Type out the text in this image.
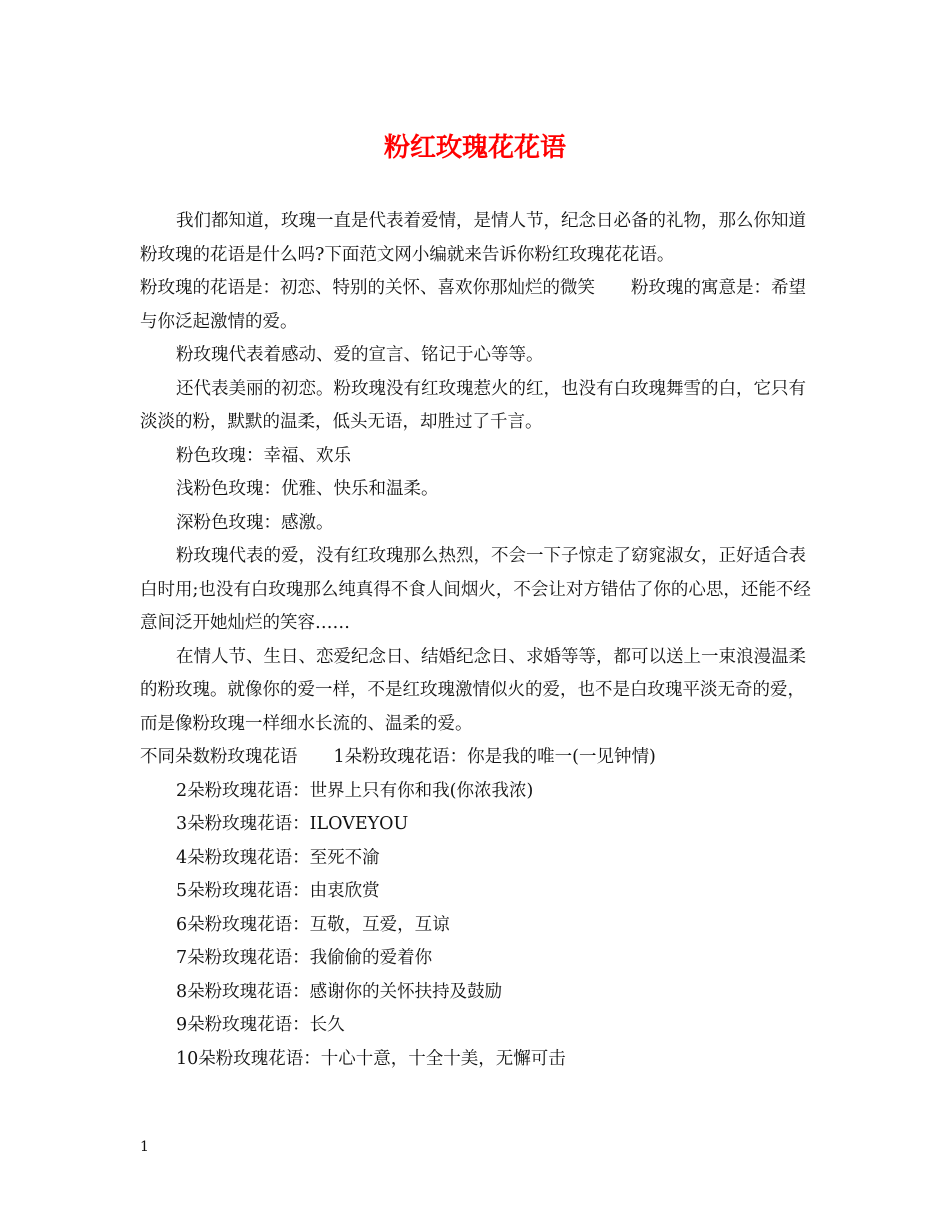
粉红玫瑰花花语

我们都知道，玫瑰一直是代表着爱情，是情人节，纪念日必备的礼物，那么你知道粉玫瑰的花语是什么吗?下面范文网小编就来告诉你粉红玫瑰花花语。

粉玫瑰的花语是：初恋、特别的关怀、喜欢你那灿烂的微笑 粉玫瑰的寓意是：希望与你泛起激情的爱。

粉玫瑰代表着感动、爱的宣言、铭记于心等等。

还代表美丽的初恋。粉玫瑰没有红玫瑰惹火的红，也没有白玫瑰舞雪的白，它只有淡淡的粉，默默的温柔，低头无语，却胜过了千言。

粉色玫瑰：幸福、欢乐

浅粉色玫瑰：优雅、快乐和温柔。

深粉色玫瑰：感激。

粉玫瑰代表的爱，没有红玫瑰那么热烈，不会一下子惊走了窈窕淑女，正好适合表白时用;也没有白玫瑰那么纯真得不食人间烟火，不会让对方错估了你的心思，还能不经意间泛开她灿烂的笑容……

在情人节、生日、恋爱纪念日、结婚纪念日、求婚等等，都可以送上一束浪漫温柔的粉玫瑰。就像你的爱一样，不是红玫瑰激情似火的爱，也不是白玫瑰平淡无奇的爱，而是像粉玫瑰一样细水长流的、温柔的爱。

不同朵数粉玫瑰花语 1朵粉玫瑰花语：你是我的唯一(一见钟情)

2朵粉玫瑰花语：世界上只有你和我(你浓我浓)

3朵粉玫瑰花语：ILOVEYOU

4朵粉玫瑰花语：至死不渝

5朵粉玫瑰花语：由衷欣赏

6朵粉玫瑰花语：互敬，互爱，互谅

7朵粉玫瑰花语：我偷偷的爱着你

8朵粉玫瑰花语：感谢你的关怀扶持及鼓励

9朵粉玫瑰花语：长久

10朵粉玫瑰花语：十心十意，十全十美，无懈可击

1
